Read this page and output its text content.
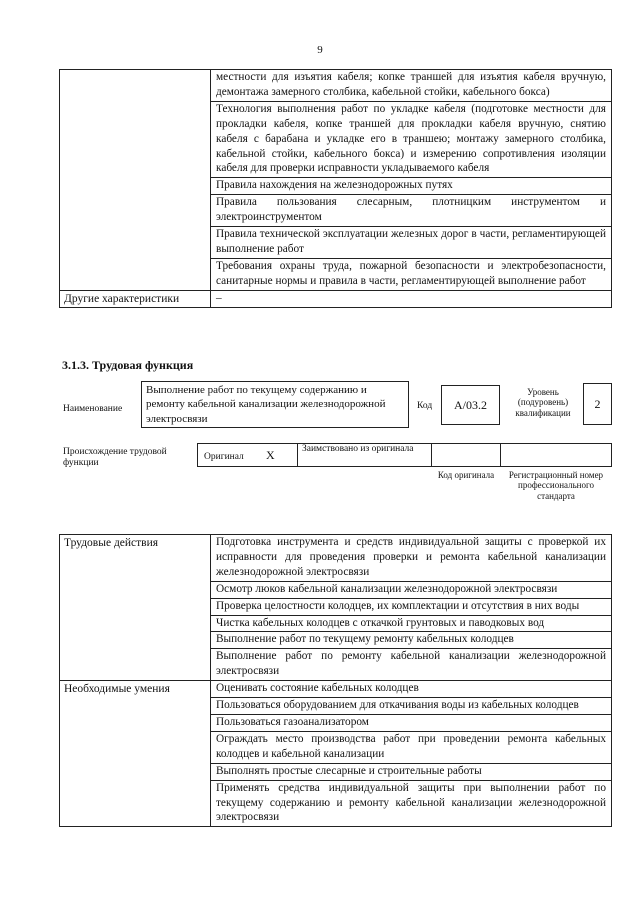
9
	местности для изъятия кабеля; копке траншей для изъятия кабеля вручную, демонтажа замерного столбика, кабельной стойки, кабельного бокса)
	Технология выполнения работ по укладке кабеля (подготовке местности для прокладки кабеля, копке траншей для прокладки кабеля вручную, снятию кабеля с барабана и укладке его в траншею; монтажу замерного столбика, кабельной стойки, кабельного бокса) и измерению сопротивления изоляции кабеля для проверки исправности укладываемого кабеля
	Правила нахождения на железнодорожных путях
	Правила пользования слесарным, плотницким инструментом и электроинструментом
	Правила технической эксплуатации железных дорог в части, регламентирующей выполнение работ
	Требования охраны труда, пожарной безопасности и электробезопасности, санитарные нормы и правила в части, регламентирующей выполнение работ
Другие характеристики	–
3.1.3. Трудовая функция
Наименование
Выполнение работ по текущему содержанию и ремонту кабельной канализации железнодорожной электросвязи
Код	А/03.2
Уровень (подуровень) квалификации
2
Происхождение трудовой функции
Оригинал X	Заимствовано из оригинала
Код оригинала	Регистрационный номер профессионального стандарта
Трудовые действия	Подготовка инструмента и средств индивидуальной защиты с проверкой их исправности для проведения проверки и ремонта кабельной канализации железнодорожной электросвязи
	Осмотр люков кабельной канализации железнодорожной электросвязи
	Проверка целостности колодцев, их комплектации и отсутствия в них воды
	Чистка кабельных колодцев с откачкой грунтовых и паводковых вод
	Выполнение работ по текущему ремонту кабельных колодцев
	Выполнение работ по ремонту кабельной канализации железнодорожной электросвязи
Необходимые умения	Оценивать состояние кабельных колодцев
	Пользоваться оборудованием для откачивания воды из кабельных колодцев
	Пользоваться газоанализатором
	Ограждать место производства работ при проведении ремонта кабельных колодцев и кабельной канализации
	Выполнять простые слесарные и строительные работы
	Применять средства индивидуальной защиты при выполнении работ по текущему содержанию и ремонту кабельной канализации железнодорожной электросвязи
